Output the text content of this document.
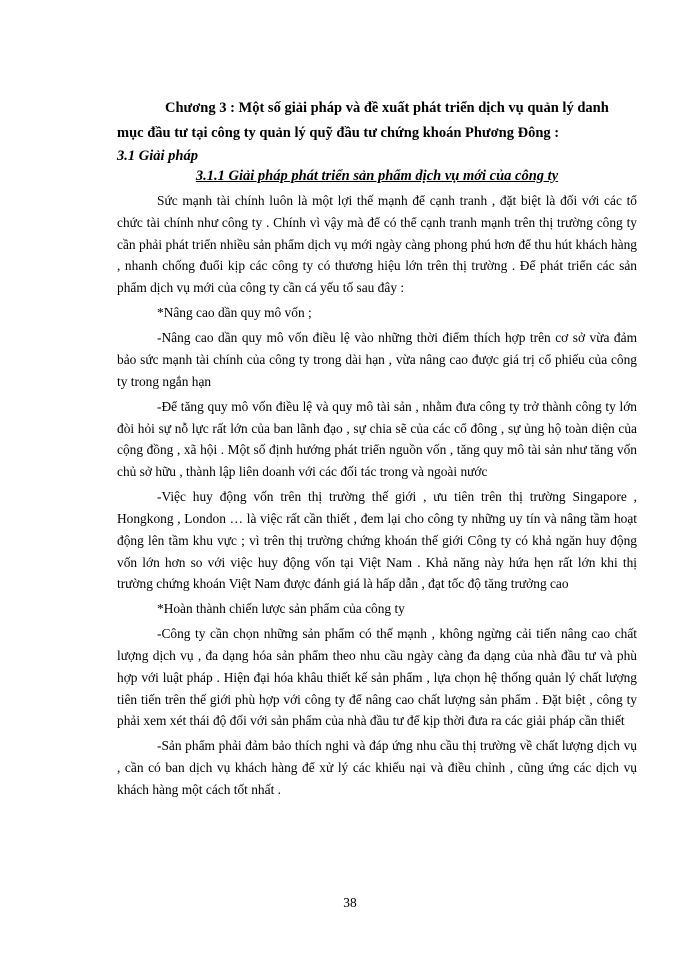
Chương 3 : Một số giải pháp và đề xuất phát triển dịch vụ quản lý danh mục đầu tư tại công ty quản lý quỹ đầu tư chứng khoán Phương Đông :

3.1 Giải pháp

3.1.1 Giải pháp phát triển sản phẩm dịch vụ mới của công ty

Sức mạnh tài chính luôn là một lợi thế mạnh để cạnh tranh , đặt biệt là đối với các tổ chức tài chính như công ty . Chính vì vậy mà để có thể cạnh tranh mạnh trên thị trường công ty cần phải phát triển nhiều sản phẩm dịch vụ mới ngày càng phong phú hơn để thu hút khách hàng , nhanh chống đuổi kịp các công ty có thương hiệu lớn trên thị trường . Để phát triển các sản phẩm dịch vụ mới của công ty cần cá yếu tố sau đây :

*Nâng cao dần quy mô vốn ;

-Nâng cao dần quy mô vốn điều lệ vào những thời điểm thích hợp trên cơ sở vừa đảm bảo sức mạnh tài chính của công ty trong dài hạn , vừa nâng cao được giá trị cổ phiếu của công ty trong ngắn hạn

-Để tăng quy mô vốn điều lệ và quy mô tài sản , nhằm đưa công ty trở thành công ty lớn đòi hỏi sự nỗ lực rất lớn của ban lãnh đạo , sự chia sẽ của các cổ đông , sự ủng hộ toàn diện của cộng đồng , xã hội . Một số định hướng phát triển nguồn vốn , tăng quy mô tài sản như tăng vốn chủ sở hữu , thành lập liên doanh với các đối tác trong và ngoài nước

-Việc huy động vốn trên thị trường thế giới , ưu tiên trên thị trường Singapore , Hongkong , London … là việc rất cần thiết , đem lại cho công ty những uy tín và nâng tầm hoạt động lên tầm khu vực ; vì trên thị trường chứng khoán thế giới Công ty có khả ngăn huy động vốn lớn hơn so với việc huy động vốn tại Việt Nam . Khả năng này hứa hẹn rất lớn khi thị trường chứng khoán Việt Nam được đánh giá là hấp dẫn , đạt tốc độ tăng trưởng cao

*Hoàn thành chiến lược sản phẩm của công ty

-Công ty cần chọn những sản phẩm có thế mạnh , không ngừng cải tiến nâng cao chất lượng dịch vụ , đa dạng hóa sản phẩm theo nhu cầu ngày càng đa dạng của nhà đầu tư và phù hợp với luật pháp . Hiện đại hóa khâu thiết kế sản phẩm , lựa chọn hệ thống quản lý chất lượng tiên tiến trên thế giới phù hợp với công ty để nâng cao chất lượng sản phẩm . Đặt biệt , công ty phải xem xét thái độ đối với sản phẩm của nhà đầu tư để kịp thời đưa ra các giải pháp cần thiết

-Sản phẩm phải đảm bảo thích nghi và đáp ứng nhu cầu thị trường về chất lượng dịch vụ , cần có ban dịch vụ khách hàng để xử lý các khiếu nại và điều chỉnh , cũng ứng các dịch vụ khách hàng một cách tốt nhất .

38
